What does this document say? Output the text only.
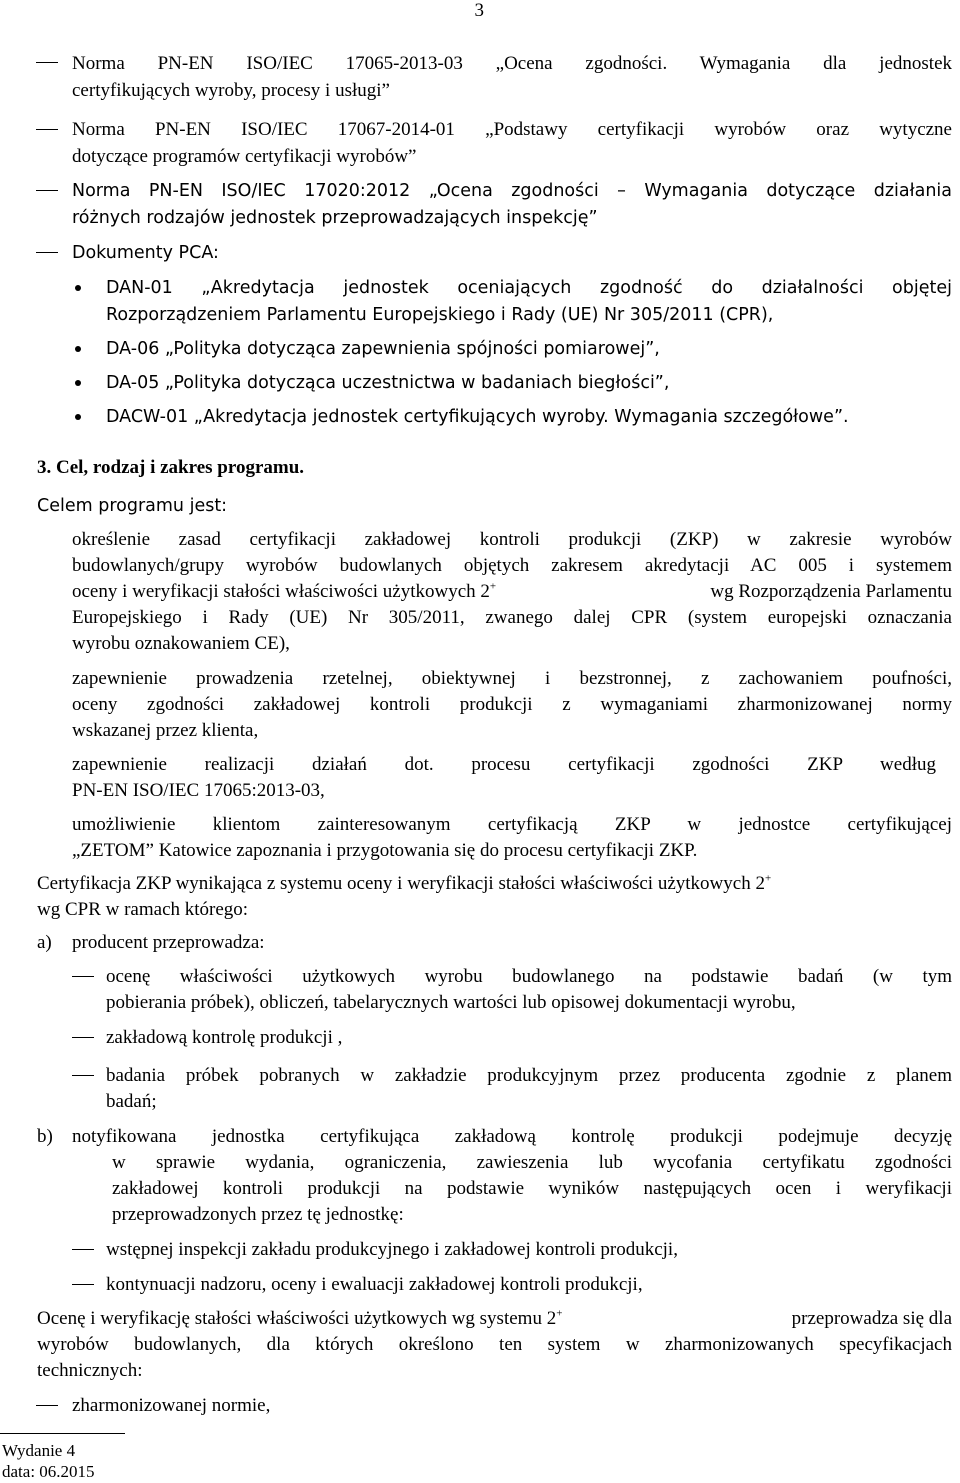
3
Norma PN-EN ISO/IEC 17065-2013-03 „Ocena zgodności. Wymagania dla jednostek
certyfikujących wyroby, procesy i usługi”
Norma PN-EN ISO/IEC 17067-2014-01 „Podstawy certyfikacji wyrobów oraz wytyczne
dotyczące programów certyfikacji wyrobów”
Norma PN-EN ISO/IEC 17020:2012 „Ocena zgodności – Wymagania dotyczące działania
różnych rodzajów jednostek przeprowadzających inspekcję”
Dokumenty PCA:
DAN-01 „Akredytacja jednostek oceniających zgodność do działalności objętej
Rozporządzeniem Parlamentu Europejskiego i Rady (UE) Nr 305/2011 (CPR),
DA-06 „Polityka dotycząca zapewnienia spójności pomiarowej”,
DA-05 „Polityka dotycząca uczestnictwa w badaniach biegłości”,
DACW-01 „Akredytacja jednostek certyfikujących wyroby. Wymagania szczegółowe”.
3. Cel, rodzaj i zakres programu.
Celem programu jest:
określenie zasad certyfikacji zakładowej kontroli produkcji (ZKP) w zakresie wyrobów
budowlanych/grupy wyrobów budowlanych objętych zakresem akredytacji AC 005 i systemem
oceny i weryfikacji stałości właściwości użytkowych 2+	wg Rozporządzenia Parlamentu
Europejskiego i Rady (UE) Nr 305/2011, zwanego dalej CPR (system europejski oznaczania
wyrobu oznakowaniem CE),
zapewnienie prowadzenia rzetelnej, obiektywnej i bezstronnej, z zachowaniem poufności,
oceny zgodności zakładowej kontroli produkcji z wymaganiami zharmonizowanej normy
wskazanej przez klienta,
zapewnienie realizacji działań dot. procesu certyfikacji zgodności ZKP według
PN-EN ISO/IEC 17065:2013-03,
umożliwienie klientom zainteresowanym certyfikacją ZKP w jednostce certyfikującej
„ZETOM” Katowice zapoznania i przygotowania się do procesu certyfikacji ZKP.
Certyfikacja ZKP wynikająca z systemu oceny i weryfikacji stałości właściwości użytkowych 2+
wg CPR w ramach którego:
a)	producent przeprowadza:
ocenę właściwości użytkowych wyrobu budowlanego na podstawie badań (w tym
pobierania próbek), obliczeń, tabelarycznych wartości lub opisowej dokumentacji wyrobu,
zakładową kontrolę produkcji ,
badania próbek pobranych w zakładzie produkcyjnym przez producenta zgodnie z planem
badań;
b)	notyfikowana jednostka certyfikująca zakładową kontrolę produkcji podejmuje decyzję
w sprawie wydania, ograniczenia, zawieszenia lub wycofania certyfikatu zgodności
zakładowej kontroli produkcji na podstawie wyników następujących ocen i weryfikacji
przeprowadzonych przez tę jednostkę:
wstępnej inspekcji zakładu produkcyjnego i zakładowej kontroli produkcji,
kontynuacji nadzoru, oceny i ewaluacji zakładowej kontroli produkcji,
Ocenę i weryfikację stałości właściwości użytkowych wg systemu 2+	przeprowadza się dla
wyrobów budowlanych, dla których określono ten system w zharmonizowanych specyfikacjach
technicznych:
zharmonizowanej normie,
Wydanie 4
data: 06.2015
